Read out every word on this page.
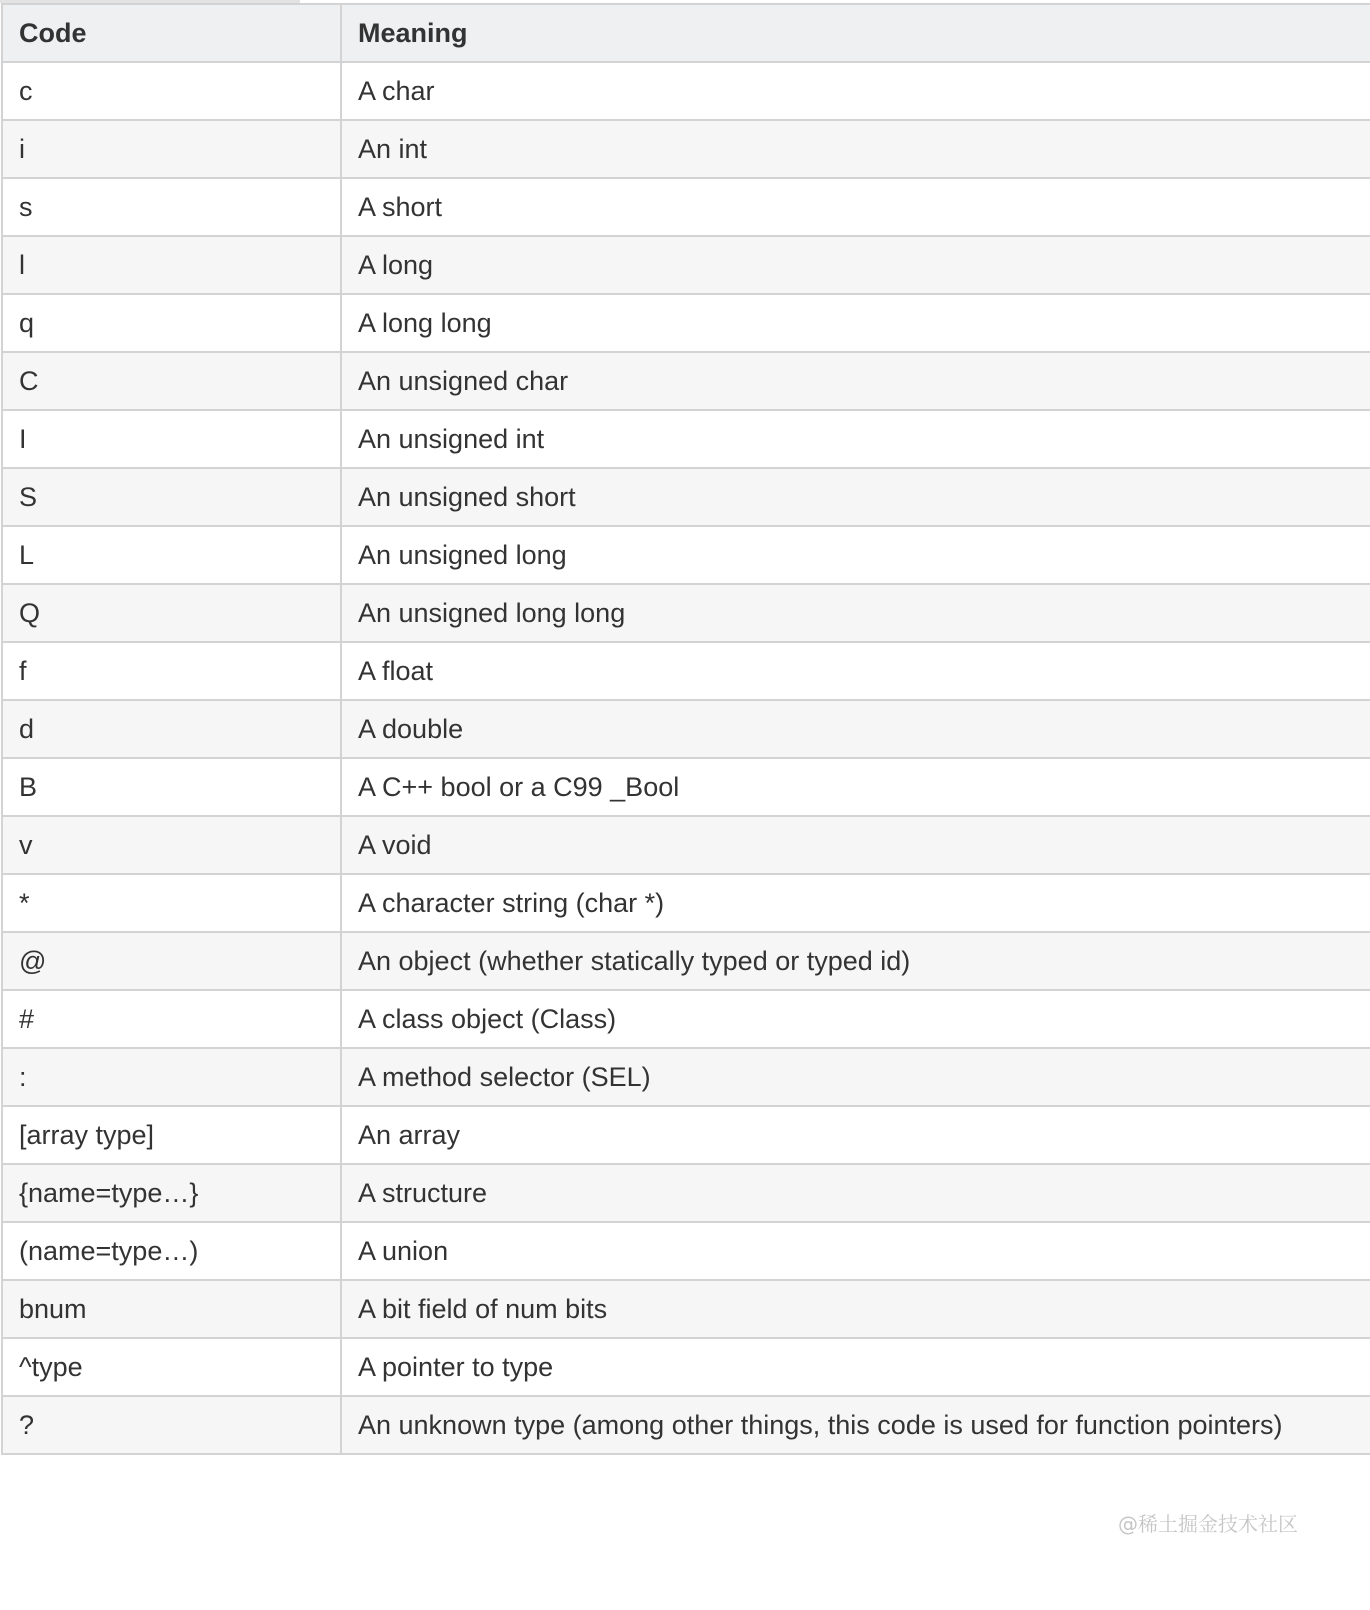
Code	Meaning
c	A char
i	An int
s	A short
l	A long
q	A long long
C	An unsigned char
I	An unsigned int
S	An unsigned short
L	An unsigned long
Q	An unsigned long long
f	A float
d	A double
B	A C++ bool or a C99 _Bool
v	A void
*	A character string (char *)
@	An object (whether statically typed or typed id)
#	A class object (Class)
:	A method selector (SEL)
[array type]	An array
{name=type…}	A structure
(name=type…)	A union
bnum	A bit field of num bits
^type	A pointer to type
?	An unknown type (among other things, this code is used for function pointers)
@稀土掘金技术社区
